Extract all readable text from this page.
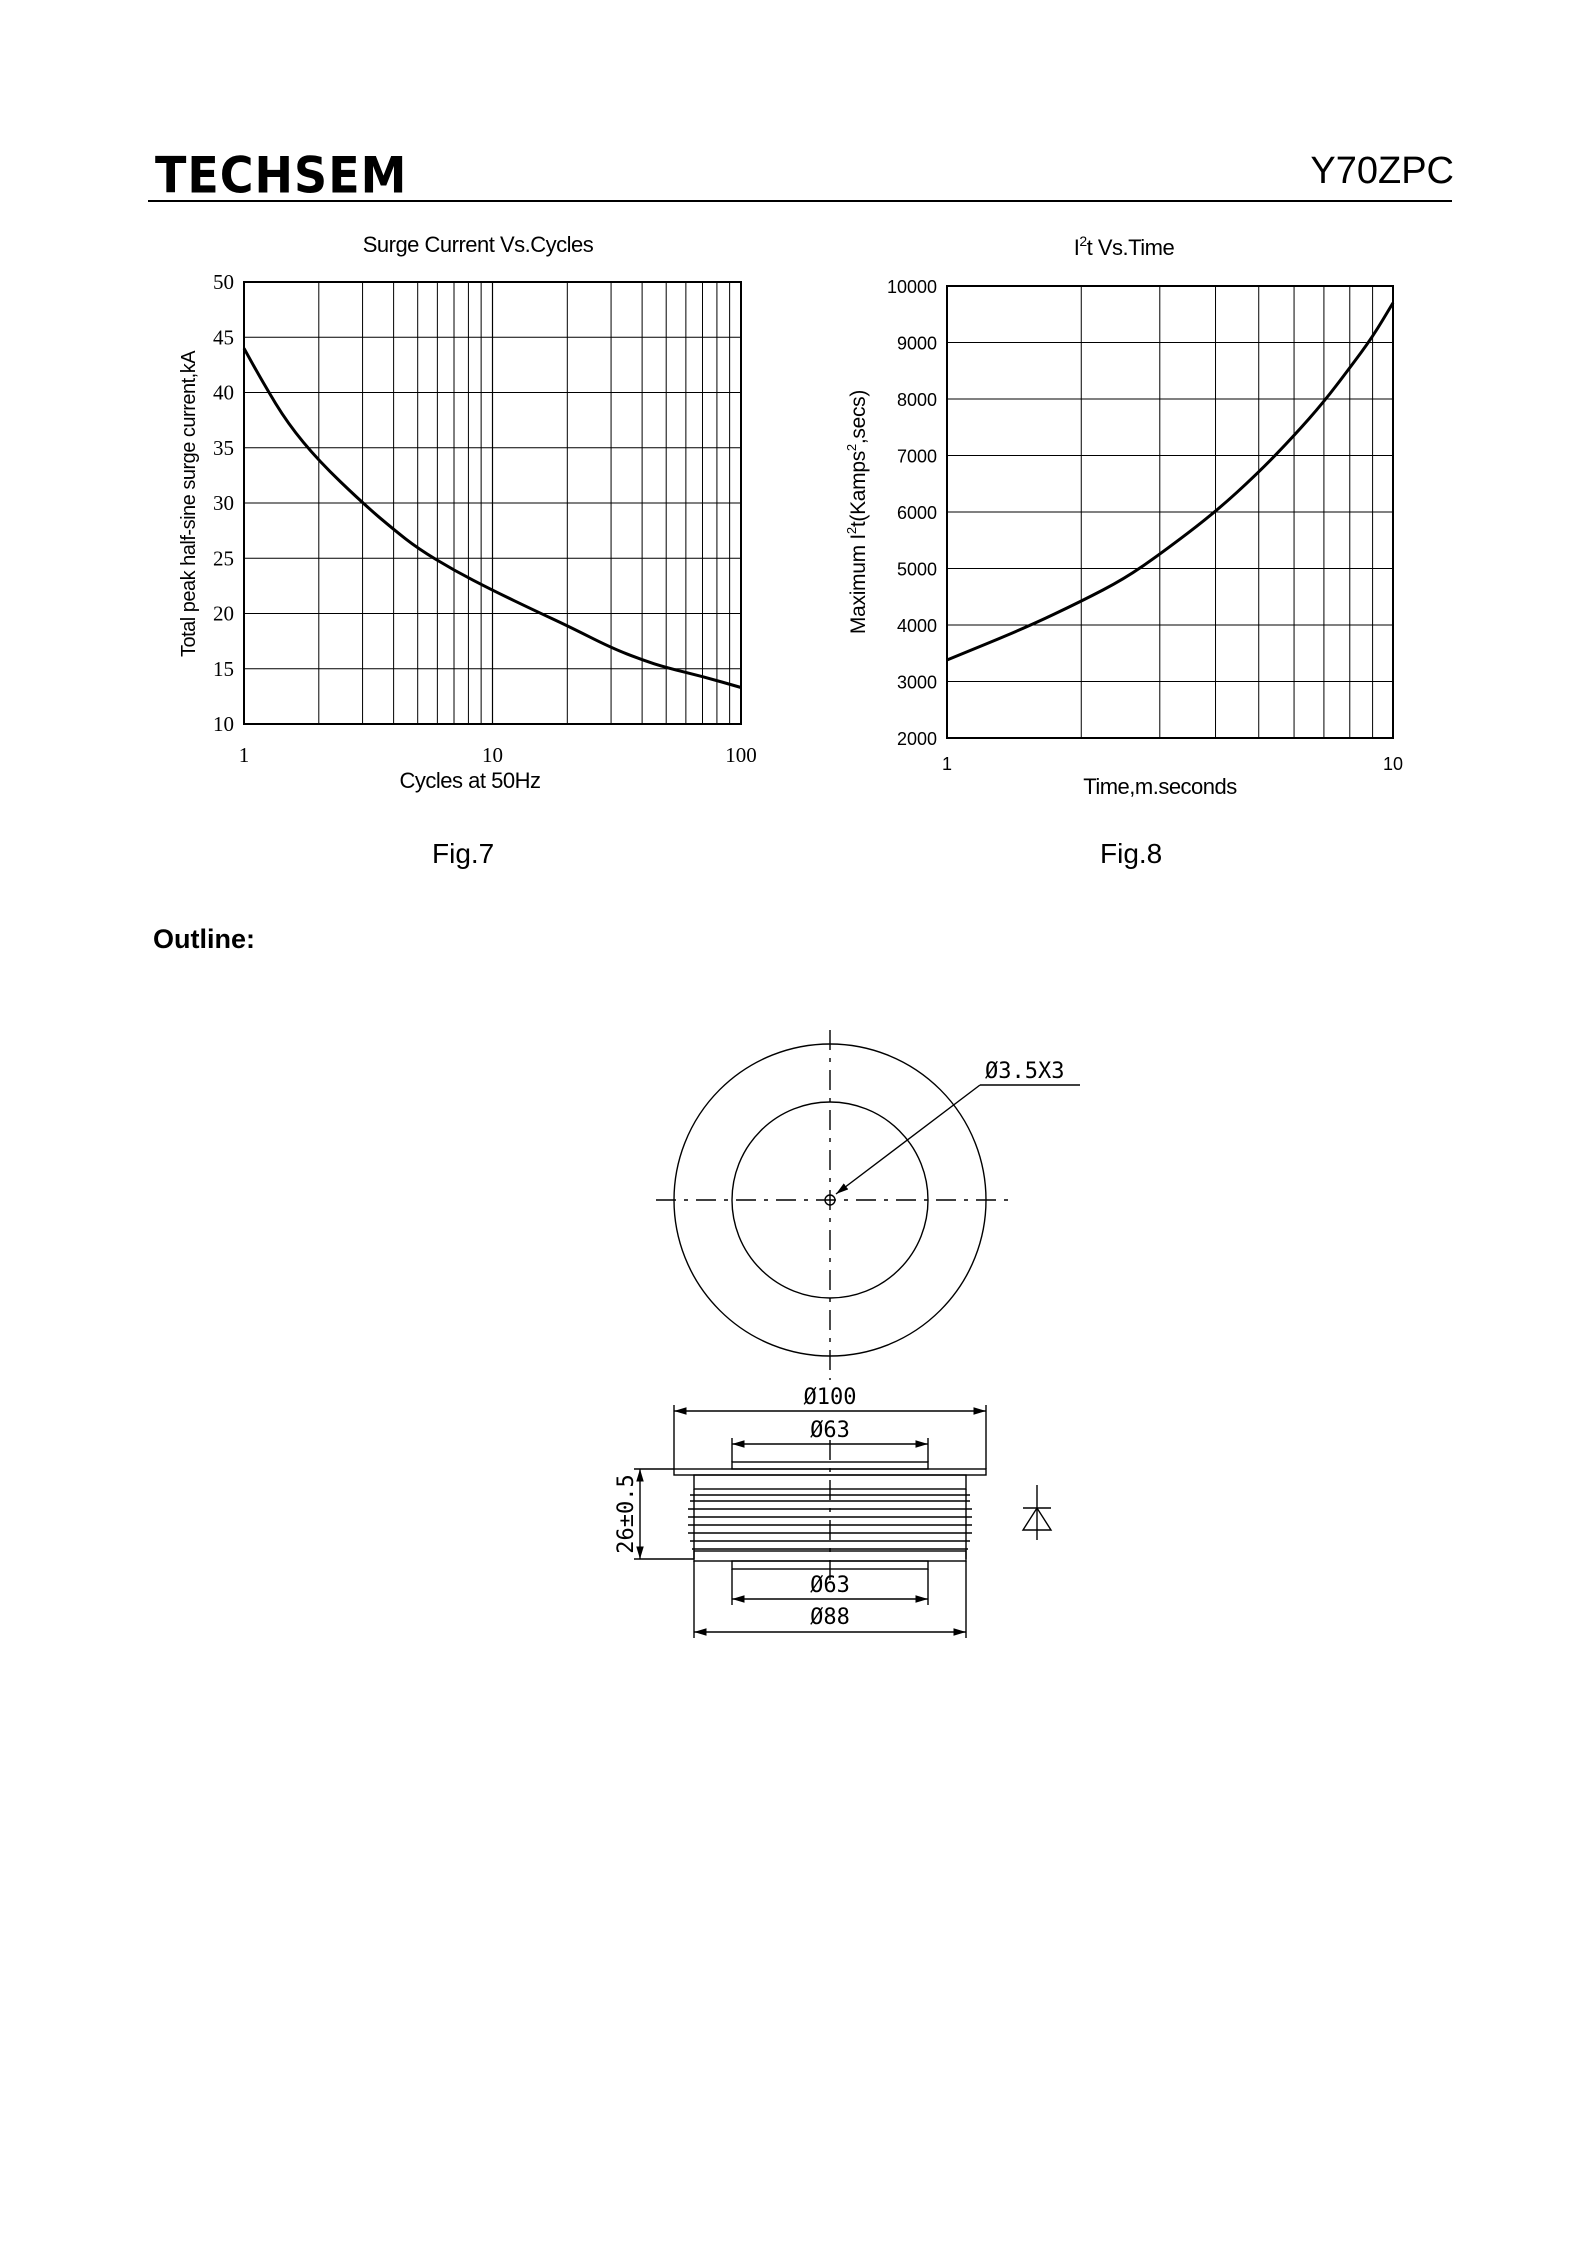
TECHSEM	Y70ZPC
10
15
20
25
30
35
40
45
50
1	10	100
Surge Current Vs.Cycles
Cycles at 50Hz
Total peak half-sine surge current,kA
2000
3000
4000
5000
6000
7000
8000
9000
10000
1	10
$I^2t$ Vs.Time
Time,m.seconds
Maximum $I^2t(Kamps^2,\sec s)$
Fig.7	Fig.8
Outline:
Ø3.5X3
Ø100
Ø63
Ø63
Ø88
26±0.5
